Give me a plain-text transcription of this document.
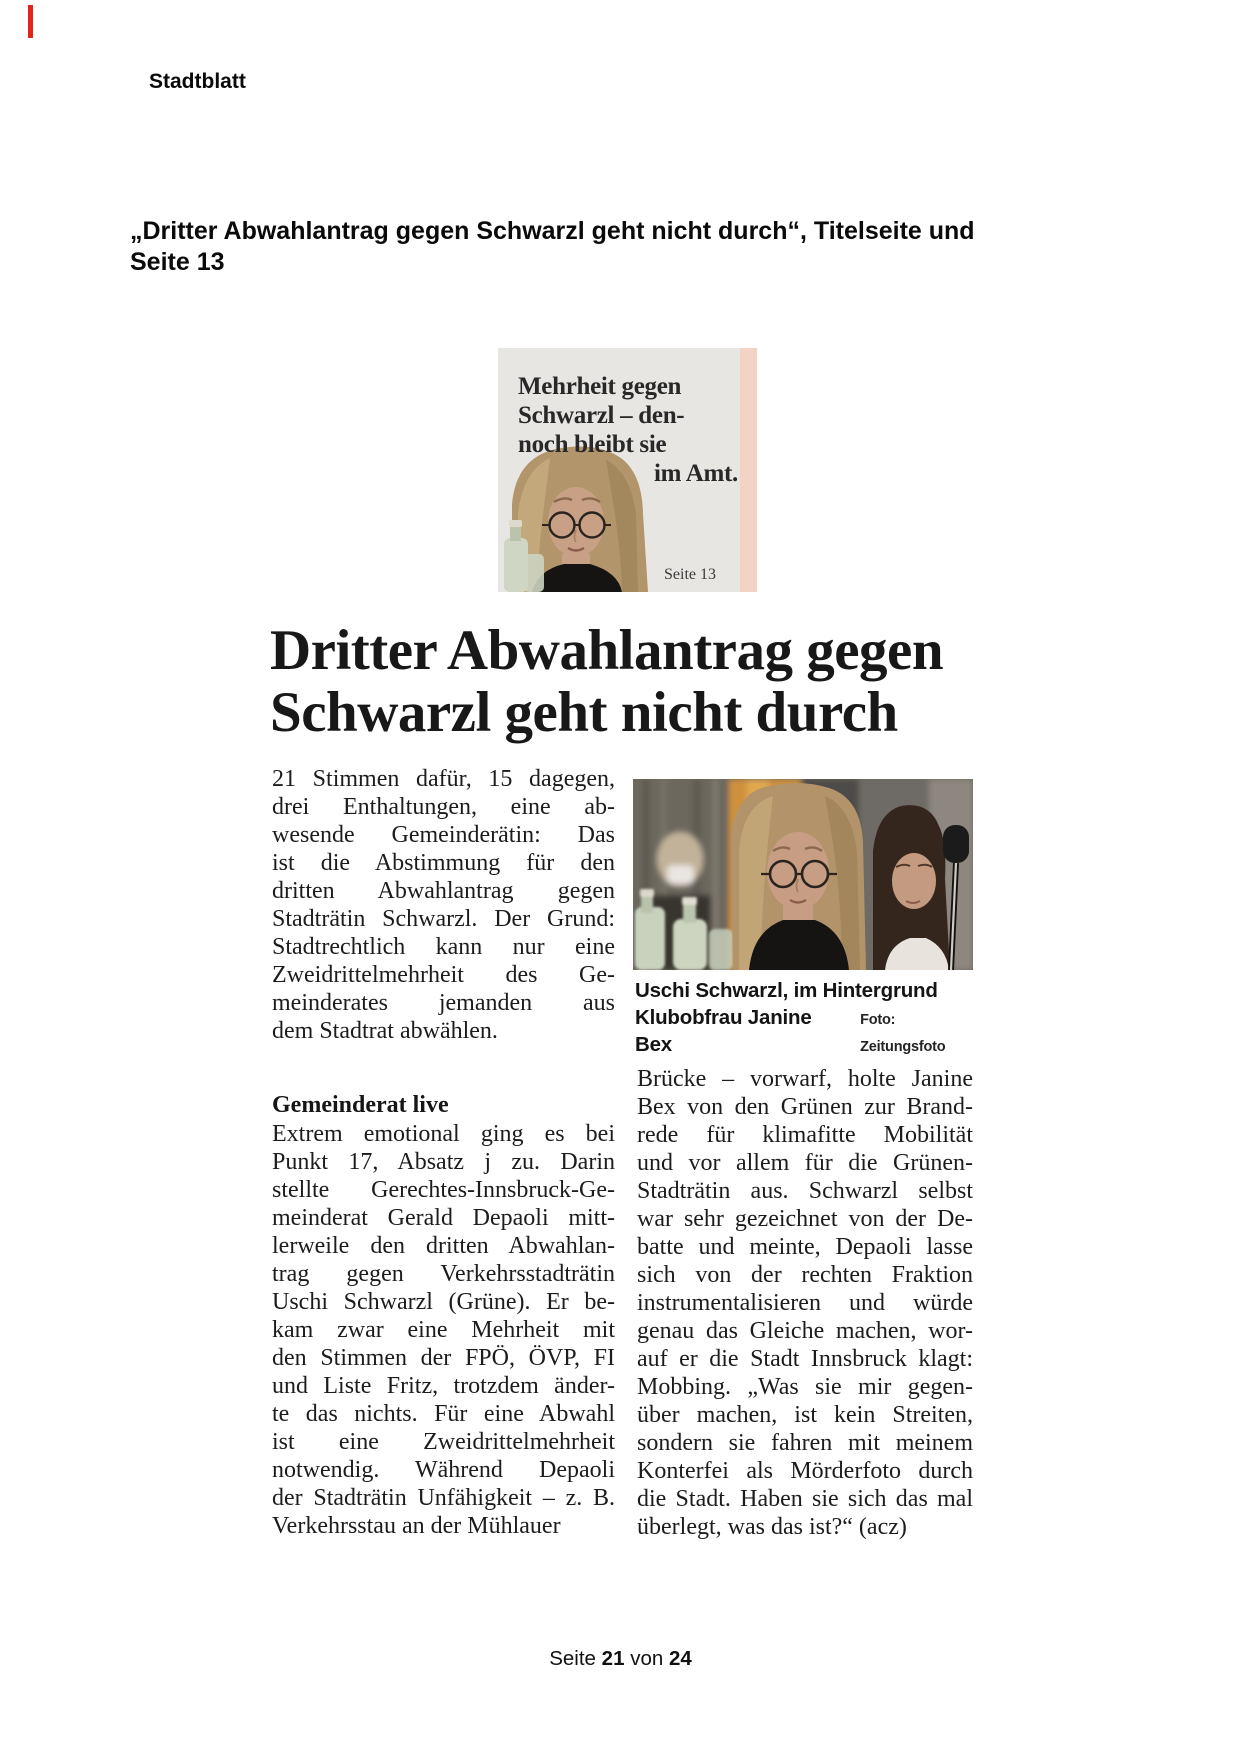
Stadtblatt
„Dritter Abwahlantrag gegen Schwarzl geht nicht durch“, Titelseite und
Seite 13
Mehrheit gegen
Schwarzl – den-
noch bleibt sie
im Amt.
Seite 13
Dritter Abwahlantrag gegen
Schwarzl geht nicht durch
21 Stimmen dafür, 15 dagegen,
drei Enthaltungen, eine ab-
wesende Gemeinderätin: Das
ist die Abstimmung für den
dritten Abwahlantrag gegen
Stadträtin Schwarzl. Der Grund:
Stadtrechtlich kann nur eine
Zweidrittelmehrheit des Ge-
meinderates jemanden aus
dem Stadtrat abwählen.
Gemeinderat live
Extrem emotional ging es bei
Punkt 17, Absatz j zu. Darin
stellte Gerechtes-Innsbruck-Ge-
meinderat Gerald Depaoli mitt-
lerweile den dritten Abwahlan-
trag gegen Verkehrsstadträtin
Uschi Schwarzl (Grüne). Er be-
kam zwar eine Mehrheit mit
den Stimmen der FPÖ, ÖVP, FI
und Liste Fritz, trotzdem änder-
te das nichts. Für eine Abwahl
ist eine Zweidrittelmehrheit
notwendig. Während Depaoli
der Stadträtin Unfähigkeit – z. B.
Verkehrsstau an der Mühlauer
Uschi Schwarzl, im Hintergrund
Klubobfrau Janine Bex
Foto: Zeitungsfoto
Brücke – vorwarf, holte Janine
Bex von den Grünen zur Brand-
rede für klimafitte Mobilität
und vor allem für die Grünen-
Stadträtin aus. Schwarzl selbst
war sehr gezeichnet von der De-
batte und meinte, Depaoli lasse
sich von der rechten Fraktion
instrumentalisieren und würde
genau das Gleiche machen, wor-
auf er die Stadt Innsbruck klagt:
Mobbing. „Was sie mir gegen-
über machen, ist kein Streiten,
sondern sie fahren mit meinem
Konterfei als Mörderfoto durch
die Stadt. Haben sie sich das mal
überlegt, was das ist?“ (acz)
Seite 21 von 24
